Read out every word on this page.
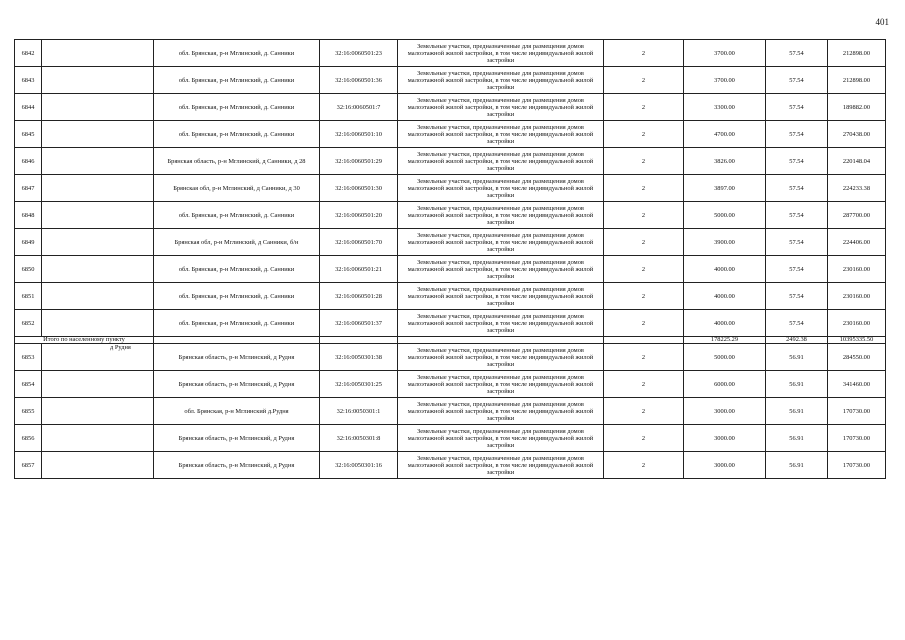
401
6842		обл. Брянская, р-н Мглинский, д. Санники	32:16:0060501:23	Земельные участки, предназначенные для размещения домов малоэтажной жилой застройки, в том числе индивидуальной жилой застройки	2	3700.00	57.54	212898.00
6843		обл. Брянская, р-н Мглинский, д. Санники	32:16:0060501:36	Земельные участки, предназначенные для размещения домов малоэтажной жилой застройки, в том числе индивидуальной жилой застройки	2	3700.00	57.54	212898.00
6844		обл. Брянская, р-н Мглинский, д. Санники	32:16:0060501:7	Земельные участки, предназначенные для размещения домов малоэтажной жилой застройки, в том числе индивидуальной жилой застройки	2	3300.00	57.54	189882.00
6845		обл. Брянская, р-н Мглинский, д. Санники	32:16:0060501:10	Земельные участки, предназначенные для размещения домов малоэтажной жилой застройки, в том числе индивидуальной жилой застройки	2	4700.00	57.54	270438.00
6846		Брянская область, р-н Мглинский, д Санники, д 28	32:16:0060501:29	Земельные участки, предназначенные для размещения домов малоэтажной жилой застройки, в том числе индивидуальной жилой застройки	2	3826.00	57.54	220148.04
6847		Брянская обл, р-н Мглинский, д Санники, д 30	32:16:0060501:30	Земельные участки, предназначенные для размещения домов малоэтажной жилой застройки, в том числе индивидуальной жилой застройки	2	3897.00	57.54	224233.38
6848		обл. Брянская, р-н Мглинский, д. Санники	32:16:0060501:20	Земельные участки, предназначенные для размещения домов малоэтажной жилой застройки, в том числе индивидуальной жилой застройки	2	5000.00	57.54	287700.00
6849		Брянская обл, р-н Мглинский, д Санники, б/н	32:16:0060501:70	Земельные участки, предназначенные для размещения домов малоэтажной жилой застройки, в том числе индивидуальной жилой застройки	2	3900.00	57.54	224406.00
6850		обл. Брянская, р-н Мглинский, д. Санники	32:16:0060501:21	Земельные участки, предназначенные для размещения домов малоэтажной жилой застройки, в том числе индивидуальной жилой застройки	2	4000.00	57.54	230160.00
6851		обл. Брянская, р-н Мглинский, д. Санники	32:16:0060501:28	Земельные участки, предназначенные для размещения домов малоэтажной жилой застройки, в том числе индивидуальной жилой застройки	2	4000.00	57.54	230160.00
6852		обл. Брянская, р-н Мглинский, д. Санники	32:16:0060501:37	Земельные участки, предназначенные для размещения домов малоэтажной жилой застройки, в том числе индивидуальной жилой застройки	2	4000.00	57.54	230160.00
Итого по населенному пункту						178225.29	2492.38	10395335.50
6853	д Рудня	Брянская область, р-н Мглинский, д Рудня	32:16:0050301:38	Земельные участки, предназначенные для размещения домов малоэтажной жилой застройки, в том числе индивидуальной жилой застройки	2	5000.00	56.91	284550.00
6854		Брянская область, р-н Мглинский, д Рудня	32:16:0050301:25	Земельные участки, предназначенные для размещения домов малоэтажной жилой застройки, в том числе индивидуальной жилой застройки	2	6000.00	56.91	341460.00
6855		обл. Брянская, р-н Мглинский д.Рудня	32:16:0050301:1	Земельные участки, предназначенные для размещения домов малоэтажной жилой застройки, в том числе индивидуальной жилой застройки	2	3000.00	56.91	170730.00
6856		Брянская область, р-н Мглинский, д Рудня	32:16:0050301:8	Земельные участки, предназначенные для размещения домов малоэтажной жилой застройки, в том числе индивидуальной жилой застройки	2	3000.00	56.91	170730.00
6857		Брянская область, р-н Мглинский, д Рудня	32:16:0050301:16	Земельные участки, предназначенные для размещения домов малоэтажной жилой застройки, в том числе индивидуальной жилой застройки	2	3000.00	56.91	170730.00
